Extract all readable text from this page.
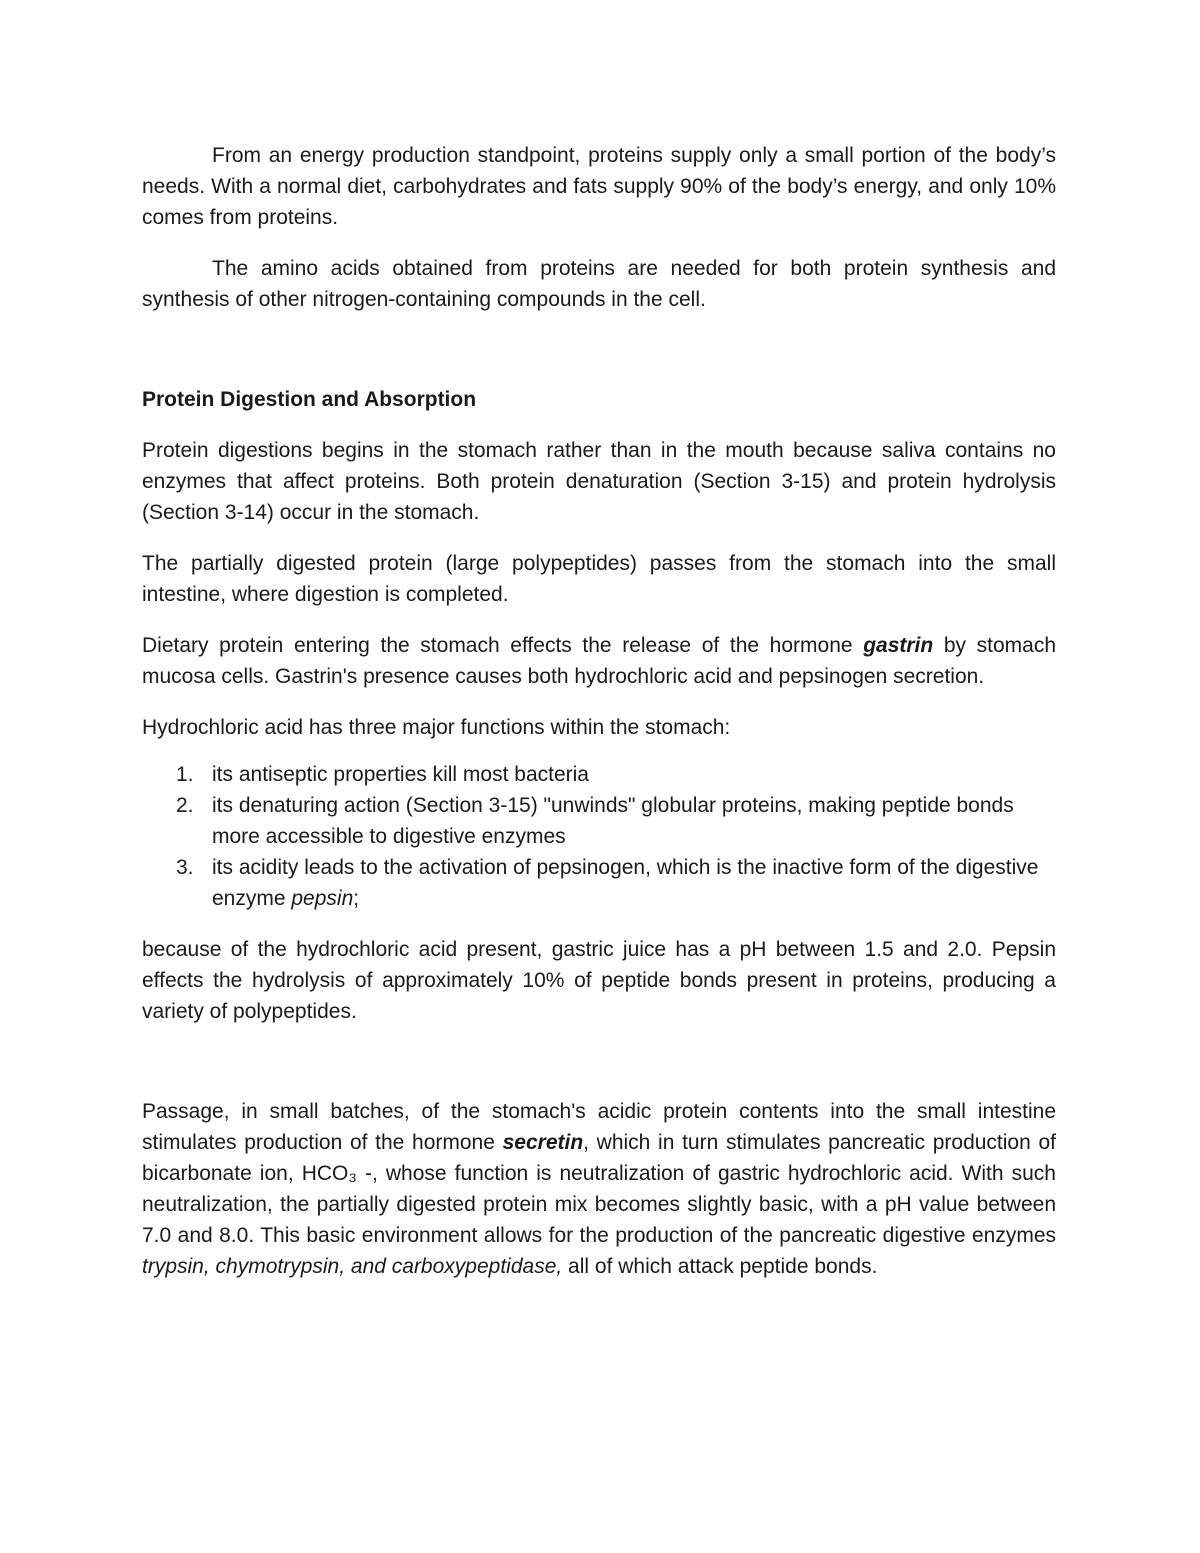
From an energy production standpoint, proteins supply only a small portion of the body’s needs. With a normal diet, carbohydrates and fats supply 90% of the body’s energy, and only 10% comes from proteins.

The amino acids obtained from proteins are needed for both protein synthesis and synthesis of other nitrogen-containing compounds in the cell.

Protein Digestion and Absorption

Protein digestions begins in the stomach rather than in the mouth because saliva contains no enzymes that affect proteins. Both protein denaturation (Section 3-15) and protein hydrolysis (Section 3-14) occur in the stomach.

The partially digested protein (large polypeptides) passes from the stomach into the small intestine, where digestion is completed.

Dietary protein entering the stomach effects the release of the hormone gastrin by stomach mucosa cells. Gastrin's presence causes both hydrochloric acid and pepsinogen secretion.

Hydrochloric acid has three major functions within the stomach:

1. its antiseptic properties kill most bacteria
2. its denaturing action (Section 3-15) "unwinds" globular proteins, making peptide bonds more accessible to digestive enzymes
3. its acidity leads to the activation of pepsinogen, which is the inactive form of the digestive enzyme pepsin;

because of the hydrochloric acid present, gastric juice has a pH between 1.5 and 2.0. Pepsin effects the hydrolysis of approximately 10% of peptide bonds present in proteins, producing a variety of polypeptides.

Passage, in small batches, of the stomach's acidic protein contents into the small intestine stimulates production of the hormone secretin, which in turn stimulates pancreatic production of bicarbonate ion, HCO₃ -, whose function is neutralization of gastric hydrochloric acid. With such neutralization, the partially digested protein mix becomes slightly basic, with a pH value between 7.0 and 8.0. This basic environment allows for the production of the pancreatic digestive enzymes trypsin, chymotrypsin, and carboxypeptidase, all of which attack peptide bonds.
